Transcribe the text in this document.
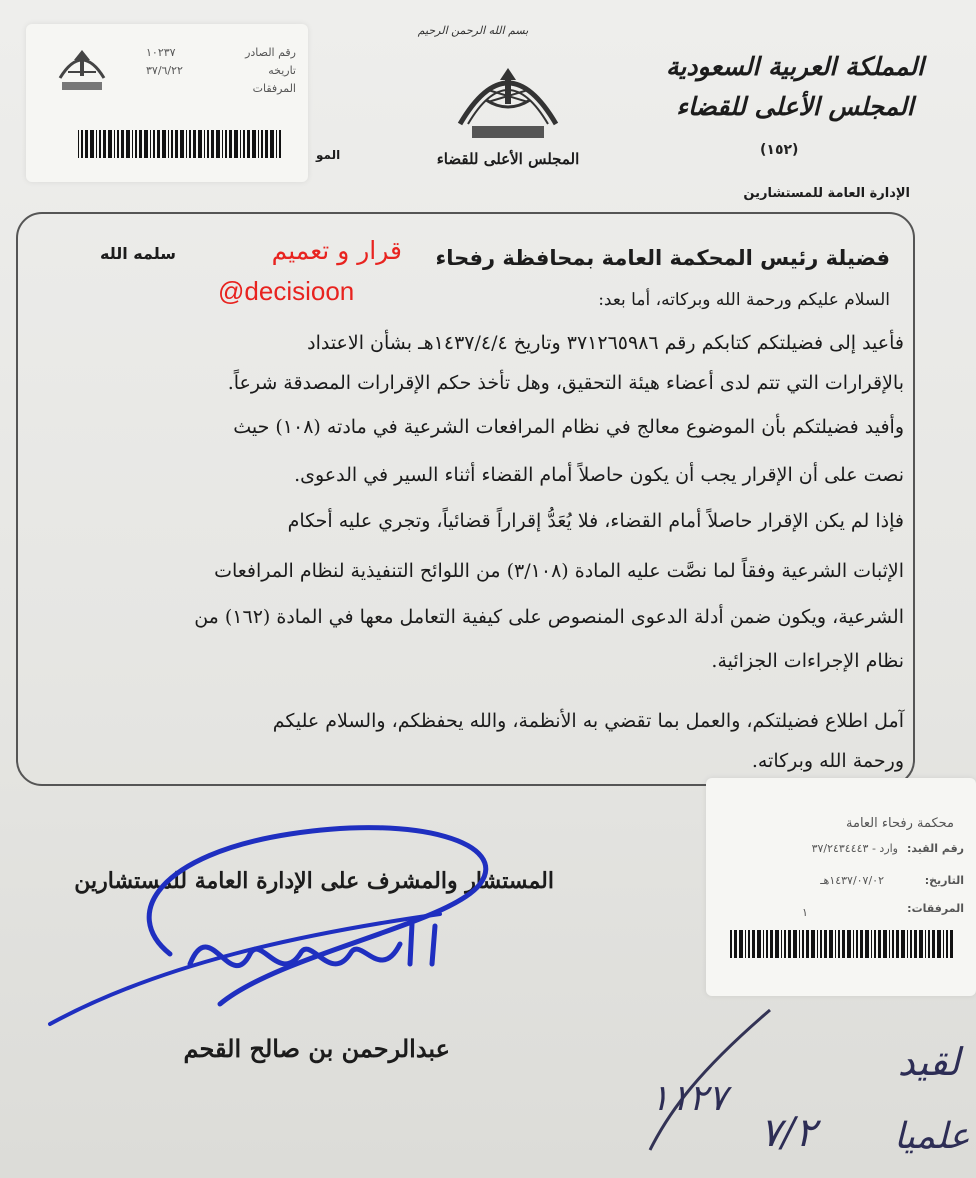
١٠٢٣٧
٣٧/٦/٢٢
رقم الصادر
تاريخه
المرفقات
المو
بسم الله الرحمن الرحيم
المجلس الأعلى للقضاء
المملكة العربية السعودية
المجلس الأعلى للقضاء
(١٥٢)
الإدارة العامة للمستشارين
فضيلة رئيس المحكمة العامة بمحافظة رفحاء
سلمه الله
السلام عليكم ورحمة الله وبركاته، أما بعد:
فأعيد إلى فضيلتكم كتابكم رقم ٣٧١٢٦٥٩٨٦ وتاريخ ١٤٣٧/٤/٤هـ بشأن الاعتداد
بالإقرارات التي تتم لدى أعضاء هيئة التحقيق، وهل تأخذ حكم الإقرارات المصدقة شرعاً.
وأفيد فضيلتكم بأن الموضوع معالج في نظام المرافعات الشرعية في مادته (١٠٨) حيث
نصت على أن الإقرار يجب أن يكون حاصلاً أمام القضاء أثناء السير في الدعوى.
فإذا لم يكن الإقرار حاصلاً أمام القضاء، فلا يُعَدُّ إقراراً قضائياً، وتجري عليه أحكام
الإثبات الشرعية وفقاً لما نصَّت عليه المادة (٣/١٠٨) من اللوائح التنفيذية لنظام المرافعات
الشرعية، ويكون ضمن أدلة الدعوى المنصوص على كيفية التعامل معها في المادة (١٦٢) من
نظام الإجراءات الجزائية.
آمل اطلاع فضيلتكم، والعمل بما تقضي به الأنظمة، والله يحفظكم، والسلام عليكم
ورحمة الله وبركاته.
قرار و تعميم
@decisioon
محكمة رفحاء العامة
رقم القيد:
وارد - ٣٧/٢٤٣٤٤٤٣
التاريخ:
١٤٣٧/٠٧/٠٢هـ
المرفقات:
١
المستشار والمشرف على الإدارة العامة للمستشارين
عبدالرحمن بن صالح القحم
١١٢٧
٧/٢
لقيد
علميا
